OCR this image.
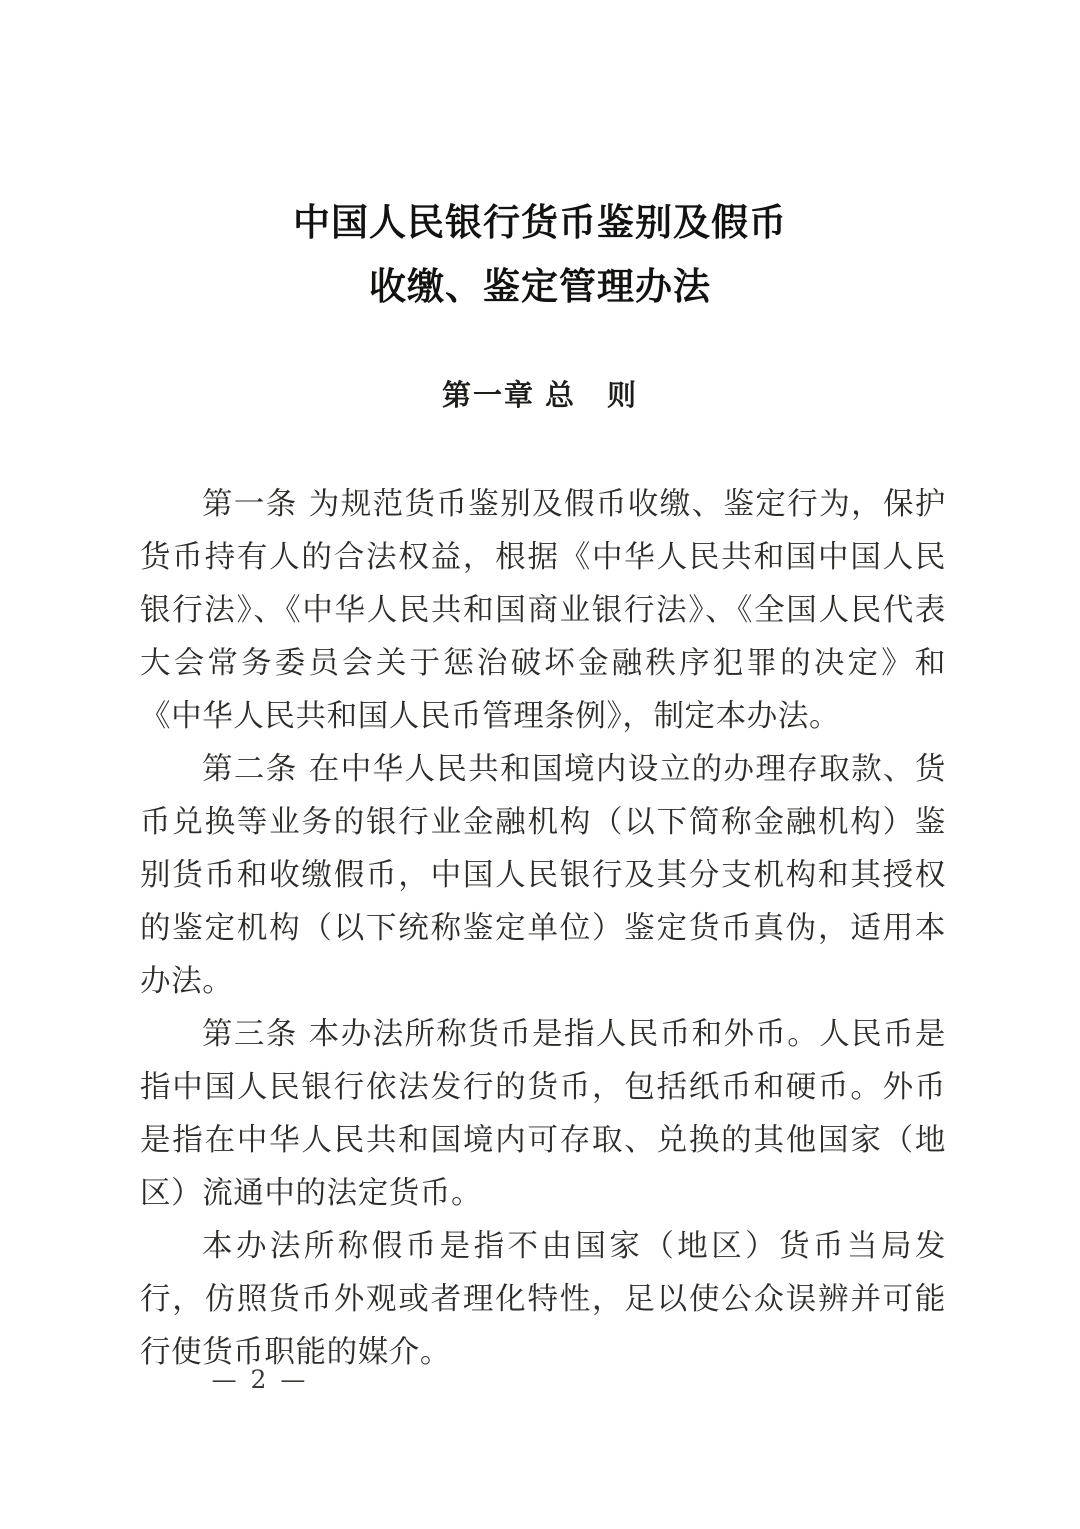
中国人民银行货币鉴别及假币
收缴、鉴定管理办法
第一章 总　则

第一条 为规范货币鉴别及假币收缴、鉴定行为，保护货币持有人的合法权益，根据《中华人民共和国中国人民银行法》、《中华人民共和国商业银行法》、《全国人民代表大会常务委员会关于惩治破坏金融秩序犯罪的决定》和《中华人民共和国人民币管理条例》，制定本办法。

第二条 在中华人民共和国境内设立的办理存取款、货币兑换等业务的银行业金融机构（以下简称金融机构）鉴别货币和收缴假币，中国人民银行及其分支机构和其授权的鉴定机构（以下统称鉴定单位）鉴定货币真伪，适用本办法。

第三条 本办法所称货币是指人民币和外币。人民币是指中国人民银行依法发行的货币，包括纸币和硬币。外币是指在中华人民共和国境内可存取、兑换的其他国家（地区）流通中的法定货币。

本办法所称假币是指不由国家（地区）货币当局发行，仿照货币外观或者理化特性，足以使公众误辨并可能行使货币职能的媒介。

— 2 —
